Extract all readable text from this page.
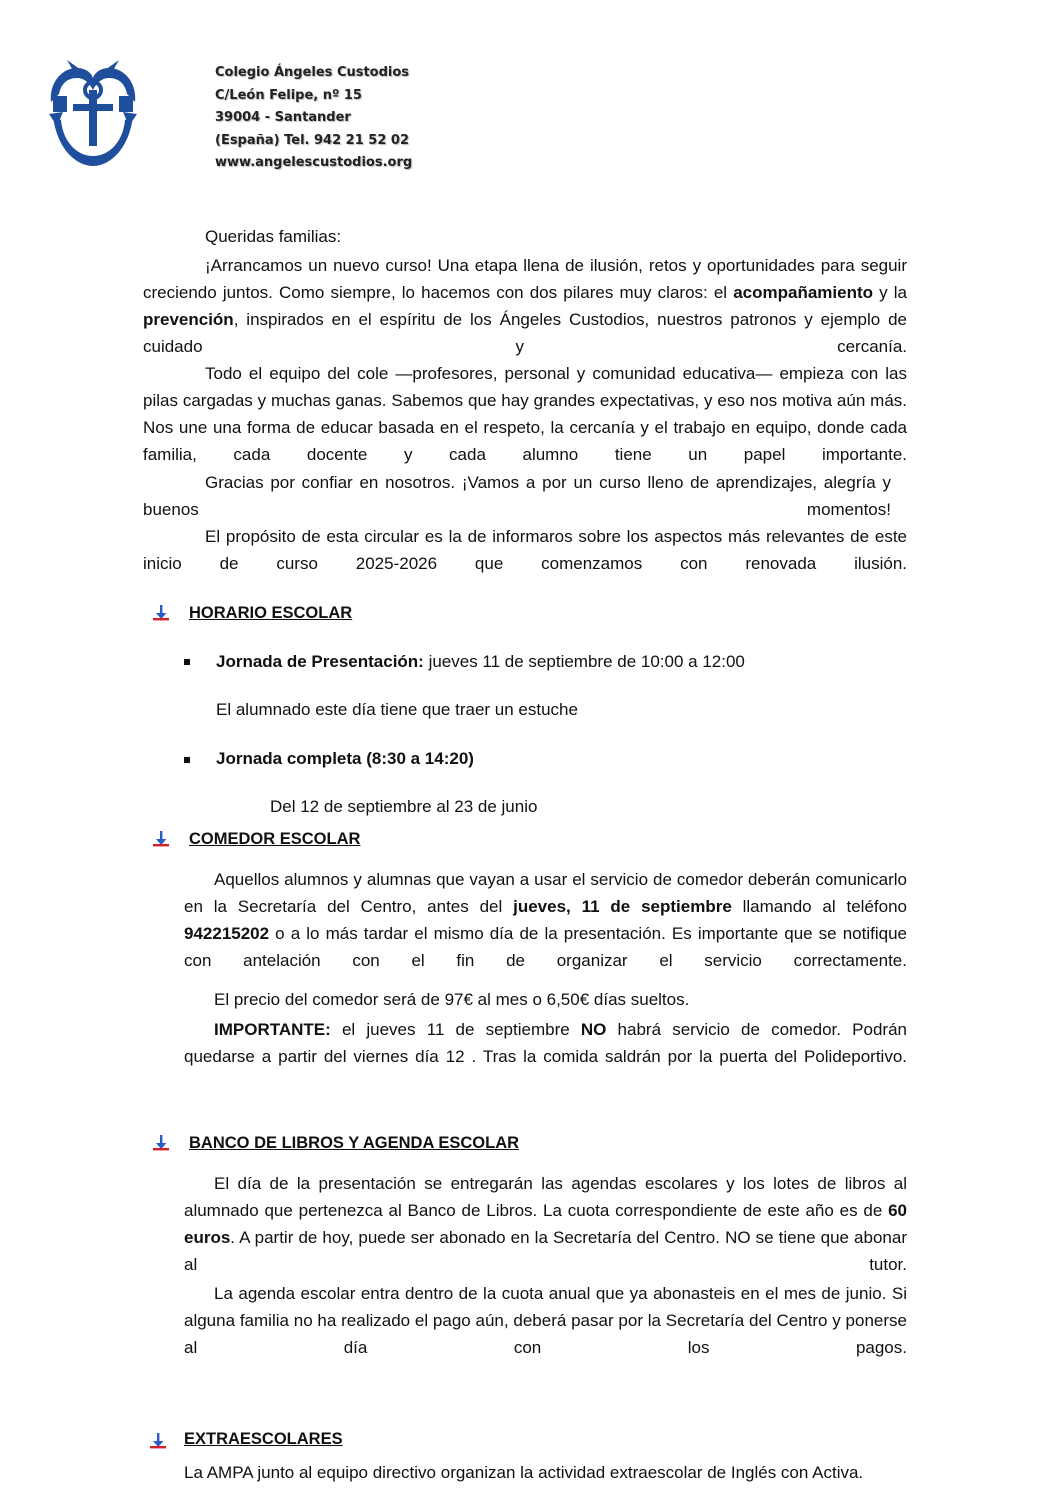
Colegio Ángeles Custodios
C/León Felipe, nº 15
39004 - Santander
(España) Tel. 942 21 52 02
www.angelescustodios.org
Queridas familias:
¡Arrancamos un nuevo curso! Una etapa llena de ilusión, retos y oportunidades para seguir creciendo juntos. Como siempre, lo hacemos con dos pilares muy claros: el acompañamiento y la prevención, inspirados en el espíritu de los Ángeles Custodios, nuestros patronos y ejemplo de cuidado y cercanía.
Todo el equipo del cole —profesores, personal y comunidad educativa— empieza con las pilas cargadas y muchas ganas. Sabemos que hay grandes expectativas, y eso nos motiva aún más. Nos une una forma de educar basada en el respeto, la cercanía y el trabajo en equipo, donde cada familia, cada docente y cada alumno tiene un papel importante.
Gracias por confiar en nosotros. ¡Vamos a por un curso lleno de aprendizajes, alegría y buenos momentos!
El propósito de esta circular es la de informaros sobre los aspectos más relevantes de este inicio de curso 2025-2026 que comenzamos con renovada ilusión.
HORARIO ESCOLAR
Jornada de Presentación: jueves 11 de septiembre de 10:00 a 12:00
El alumnado este día tiene que traer un estuche
Jornada completa (8:30 a 14:20)
Del 12 de septiembre al 23 de junio
COMEDOR ESCOLAR
Aquellos alumnos y alumnas que vayan a usar el servicio de comedor deberán comunicarlo en la Secretaría del Centro, antes del jueves, 11 de septiembre llamando al teléfono 942215202 o a lo más tardar el mismo día de la presentación. Es importante que se notifique con antelación con el fin de organizar el servicio correctamente.
El precio del comedor será de 97€ al mes o 6,50€ días sueltos.
IMPORTANTE: el jueves 11 de septiembre NO habrá servicio de comedor. Podrán quedarse a partir del viernes día 12 . Tras la comida saldrán por la puerta del Polideportivo.
BANCO DE LIBROS Y AGENDA ESCOLAR
El día de la presentación se entregarán las agendas escolares y los lotes de libros al alumnado que pertenezca al Banco de Libros. La cuota correspondiente de este año es de 60 euros. A partir de hoy, puede ser abonado en la Secretaría del Centro. NO se tiene que abonar al tutor.
La agenda escolar entra dentro de la cuota anual que ya abonasteis en el mes de junio. Si alguna familia no ha realizado el pago aún, deberá pasar por la Secretaría del Centro y ponerse al día con los pagos.
EXTRAESCOLARES
La AMPA junto al equipo directivo organizan la actividad extraescolar de Inglés con Activa.
